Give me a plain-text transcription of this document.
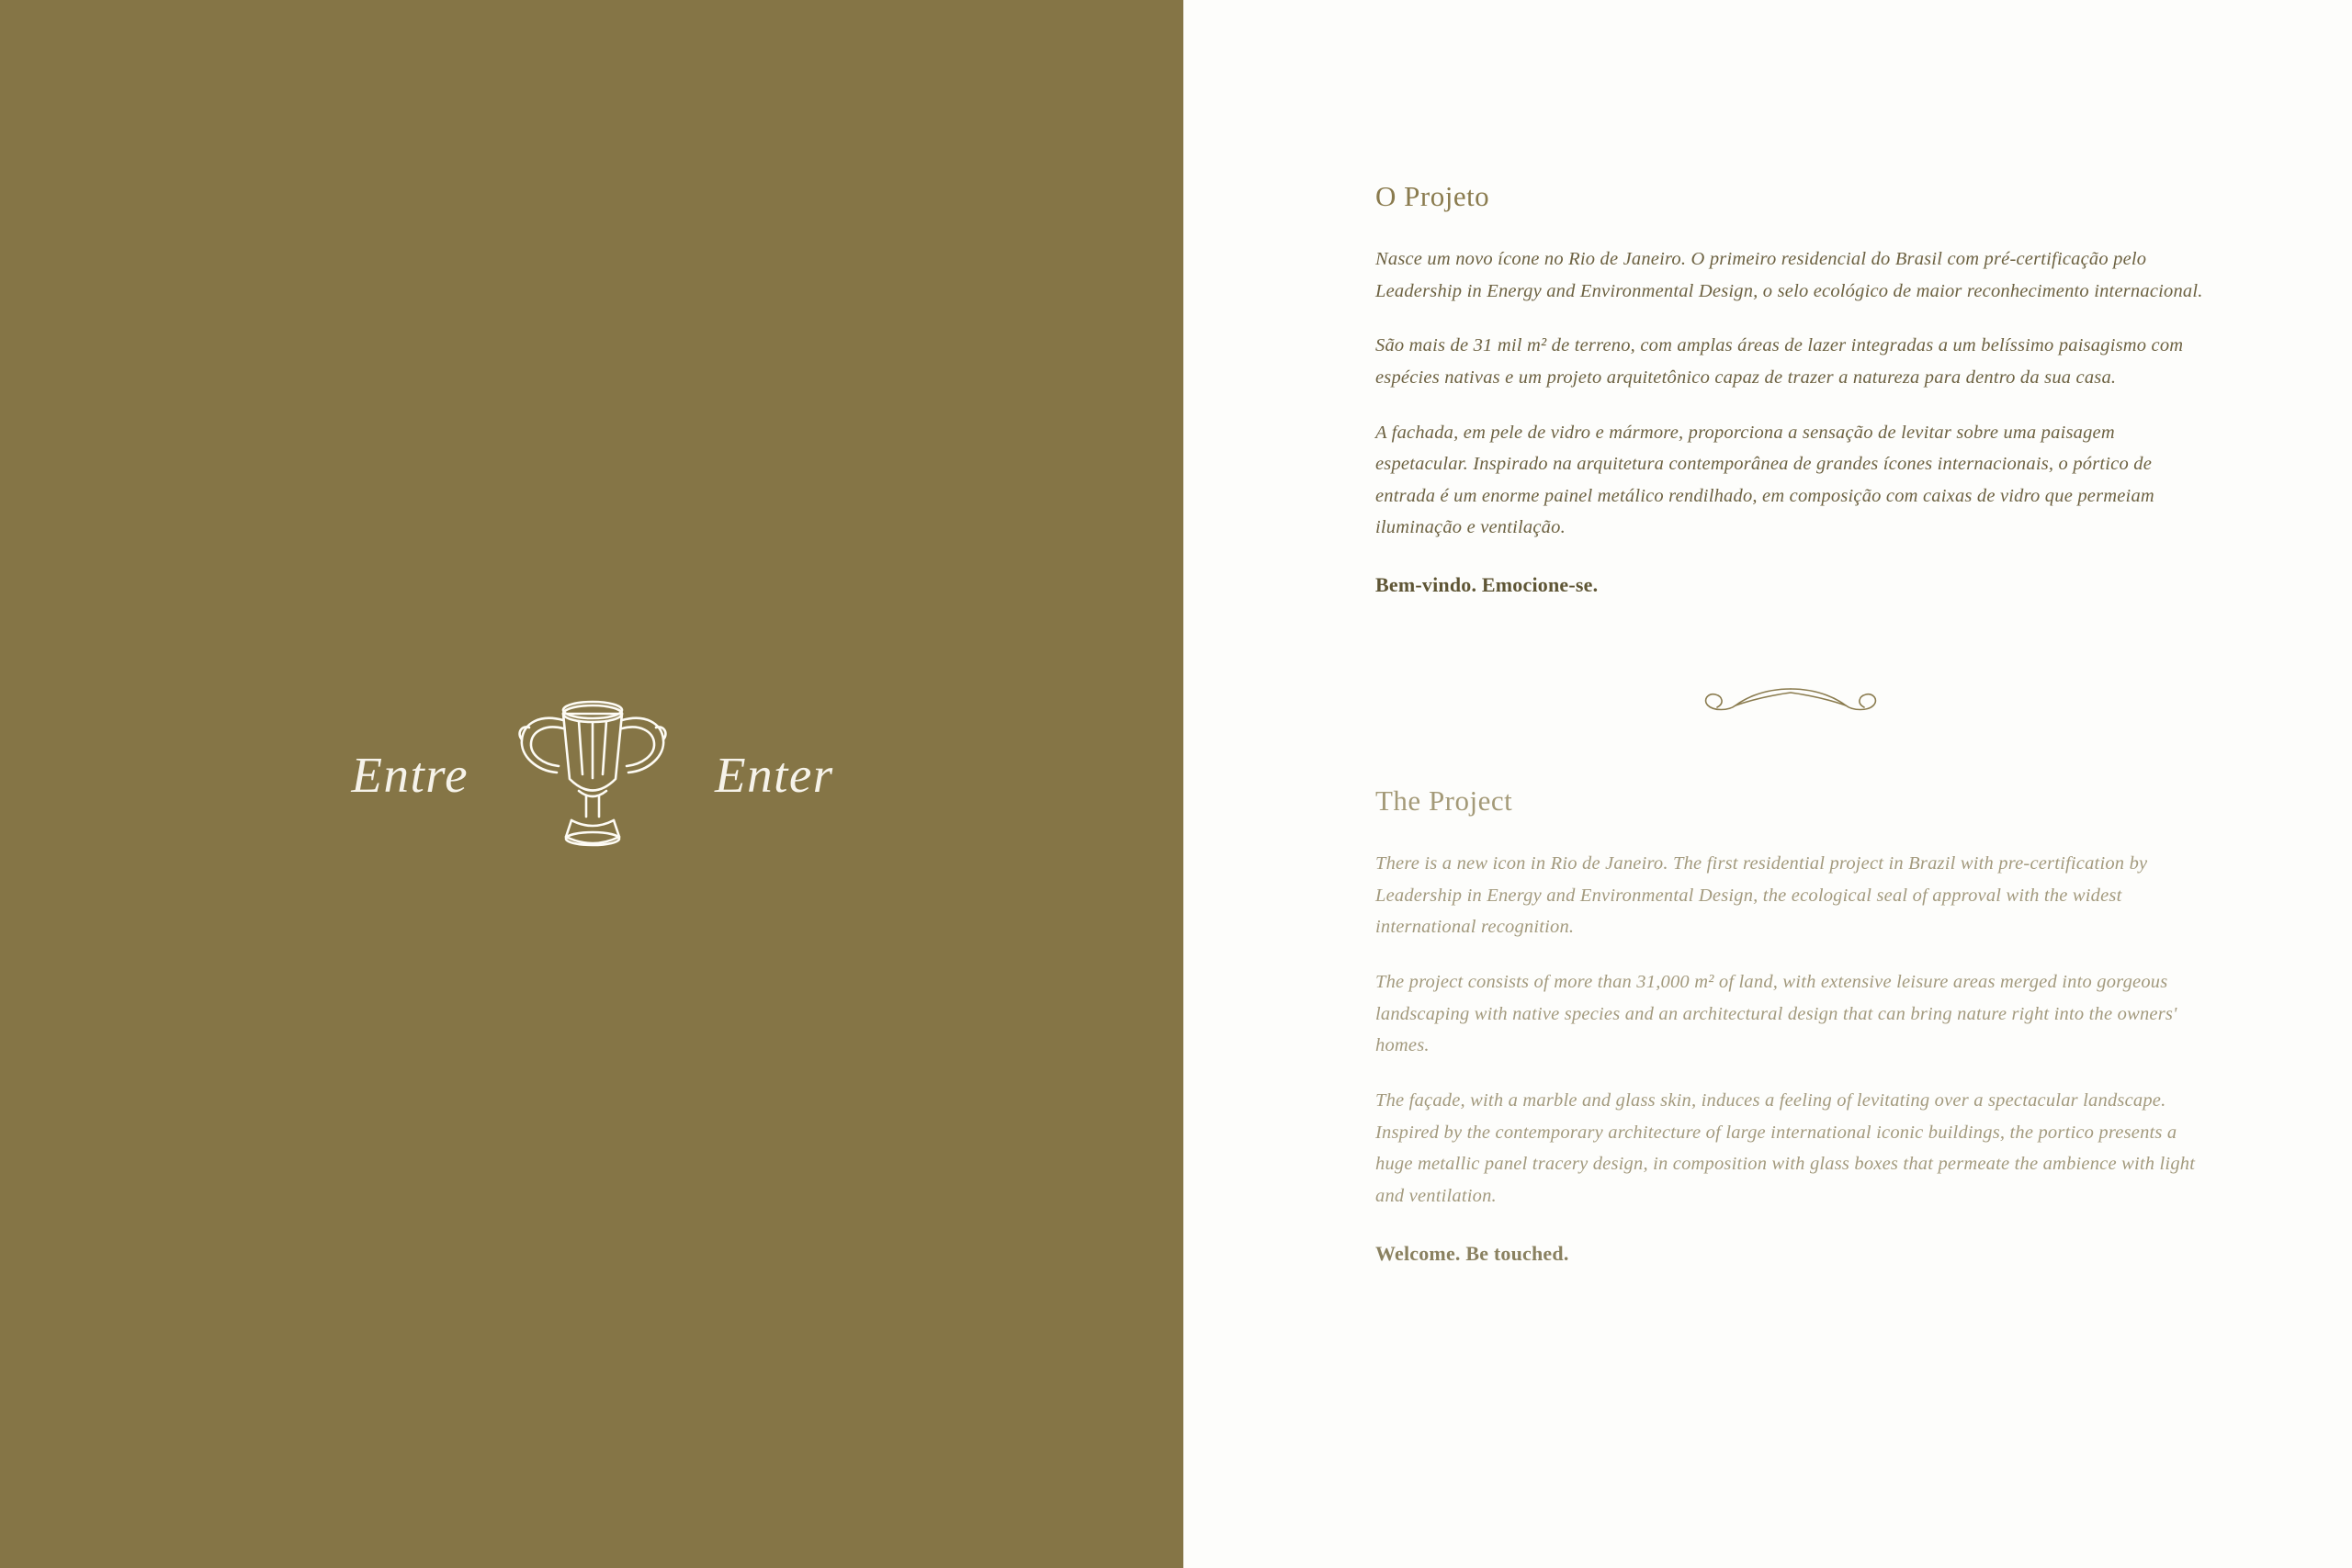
Entre	Enter
O Projeto

Nasce um novo ícone no Rio de Janeiro. O primeiro residencial do Brasil com pré-certificação pelo Leadership in Energy and Environmental Design, o selo ecológico de maior reconhecimento internacional.

São mais de 31 mil m² de terreno, com amplas áreas de lazer integradas a um belíssimo paisagismo com espécies nativas e um projeto arquitetônico capaz de trazer a natureza para dentro da sua casa.

A fachada, em pele de vidro e mármore, proporciona a sensação de levitar sobre uma paisagem espetacular. Inspirado na arquitetura contemporânea de grandes ícones internacionais, o pórtico de entrada é um enorme painel metálico rendilhado, em composição com caixas de vidro que permeiam iluminação e ventilação.

Bem-vindo. Emocione-se.

The Project

There is a new icon in Rio de Janeiro. The first residential project in Brazil with pre-certification by Leadership in Energy and Environmental Design, the ecological seal of approval with the widest international recognition.

The project consists of more than 31,000 m² of land, with extensive leisure areas merged into gorgeous landscaping with native species and an architectural design that can bring nature right into the owners' homes.

The façade, with a marble and glass skin, induces a feeling of levitating over a spectacular landscape. Inspired by the contemporary architecture of large international iconic buildings, the portico presents a huge metallic panel tracery design, in composition with glass boxes that permeate the ambience with light and ventilation.

Welcome. Be touched.
